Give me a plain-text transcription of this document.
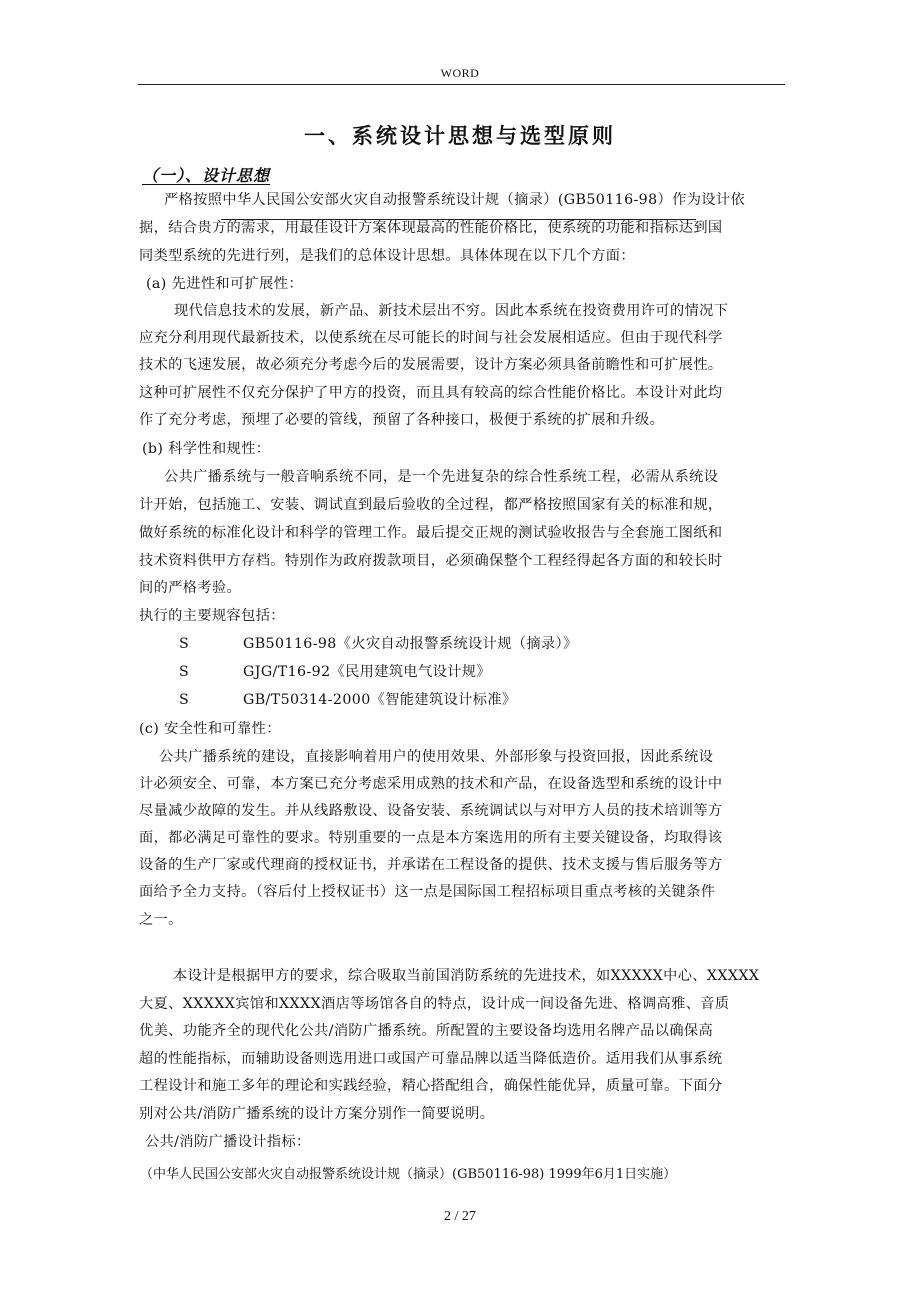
WORD
一、系统设计思想与选型原则
（一）、设计思想
严格按照中华人民国公安部火灾自动报警系统设计规（摘录）(GB50116-98）作为设计依
据，结合贵方的需求，用最佳设计方案体现最高的性能价格比，使系统的功能和指标达到国
同类型系统的先进行列，是我们的总体设计思想。具体体现在以下几个方面：
(a) 先进性和可扩展性：
现代信息技术的发展，新产品、新技术层出不穷。因此本系统在投资费用许可的情况下
应充分利用现代最新技术，以使系统在尽可能长的时间与社会发展相适应。但由于现代科学
技术的飞速发展，故必须充分考虑今后的发展需要，设计方案必须具备前瞻性和可扩展性。
这种可扩展性不仅充分保护了甲方的投资，而且具有较高的综合性能价格比。本设计对此均
作了充分考虑，预埋了必要的管线，预留了各种接口，极便于系统的扩展和升级。
(b) 科学性和规性：
公共广播系统与一般音响系统不同，是一个先进复杂的综合性系统工程，必需从系统设
计开始，包括施工、安装、调试直到最后验收的全过程，都严格按照国家有关的标准和规，
做好系统的标准化设计和科学的管理工作。最后提交正规的测试验收报告与全套施工图纸和
技术资料供甲方存档。特别作为政府拨款项目，必须确保整个工程经得起各方面的和较长时
间的严格考验。
执行的主要规容包括：
(c) 安全性和可靠性：
公共广播系统的建设，直接影响着用户的使用效果、外部形象与投资回报，因此系统设
计必须安全、可靠，本方案已充分考虑采用成熟的技术和产品，在设备选型和系统的设计中
尽量减少故障的发生。并从线路敷设、设备安装、系统调试以与对甲方人员的技术培训等方
面，都必满足可靠性的要求。特别重要的一点是本方案选用的所有主要关键设备，均取得该
设备的生产厂家或代理商的授权证书，并承诺在工程设备的提供、技术支援与售后服务等方
面给予全力支持。（容后付上授权证书）这一点是国际国工程招标项目重点考核的关键条件
之一。
本设计是根据甲方的要求，综合吸取当前国消防系统的先进技术，如XXXXX中心、XXXXX
大夏、XXXXX宾馆和XXXX酒店等场馆各自的特点，设计成一间设备先进、格调高雅、音质
优美、功能齐全的现代化公共/消防广播系统。所配置的主要设备均选用名牌产品以确保高
超的性能指标，而辅助设备则选用进口或国产可靠品牌以适当降低造价。适用我们从事系统
工程设计和施工多年的理论和实践经验，精心搭配组合，确保性能优异，质量可靠。下面分
别对公共/消防广播系统的设计方案分别作一简要说明。
公共/消防广播设计指标：
S	GB50116-98《火灾自动报警系统设计规（摘录）》
S	GJG/T16-92《民用建筑电气设计规》
S	GB/T50314-2000《智能建筑设计标准》
（中华人民国公安部火灾自动报警系统设计规（摘录）(GB50116-98) 1999年6月1日实施）
2 / 27
